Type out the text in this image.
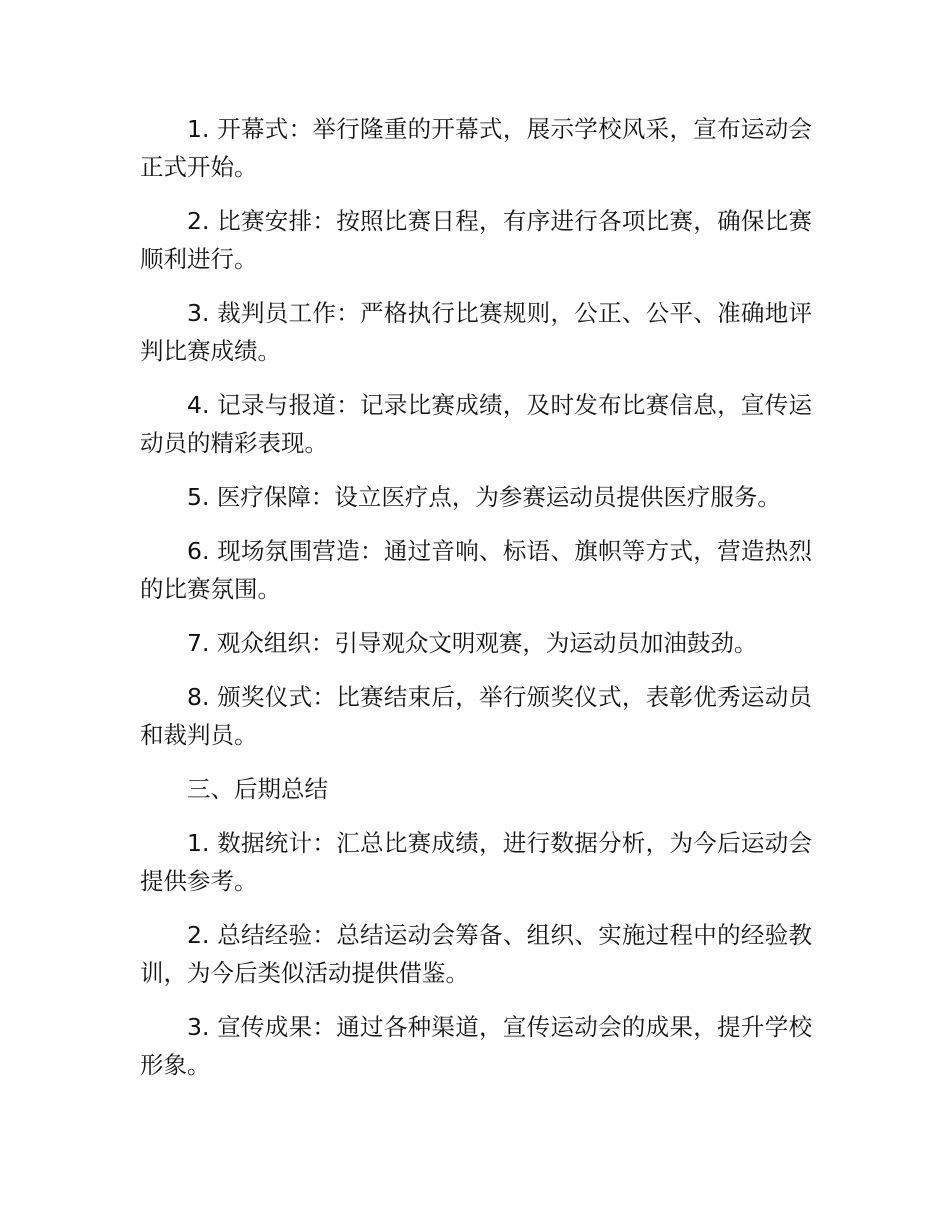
1. 开幕式：举行隆重的开幕式，展示学校风采，宣布运动会正式开始。

2. 比赛安排：按照比赛日程，有序进行各项比赛，确保比赛顺利进行。

3. 裁判员工作：严格执行比赛规则，公正、公平、准确地评判比赛成绩。

4. 记录与报道：记录比赛成绩，及时发布比赛信息，宣传运动员的精彩表现。

5. 医疗保障：设立医疗点，为参赛运动员提供医疗服务。

6. 现场氛围营造：通过音响、标语、旗帜等方式，营造热烈的比赛氛围。

7. 观众组织：引导观众文明观赛，为运动员加油鼓劲。

8. 颁奖仪式：比赛结束后，举行颁奖仪式，表彰优秀运动员和裁判员。

三、后期总结

1. 数据统计：汇总比赛成绩，进行数据分析，为今后运动会提供参考。

2. 总结经验：总结运动会筹备、组织、实施过程中的经验教训，为今后类似活动提供借鉴。

3. 宣传成果：通过各种渠道，宣传运动会的成果，提升学校形象。
